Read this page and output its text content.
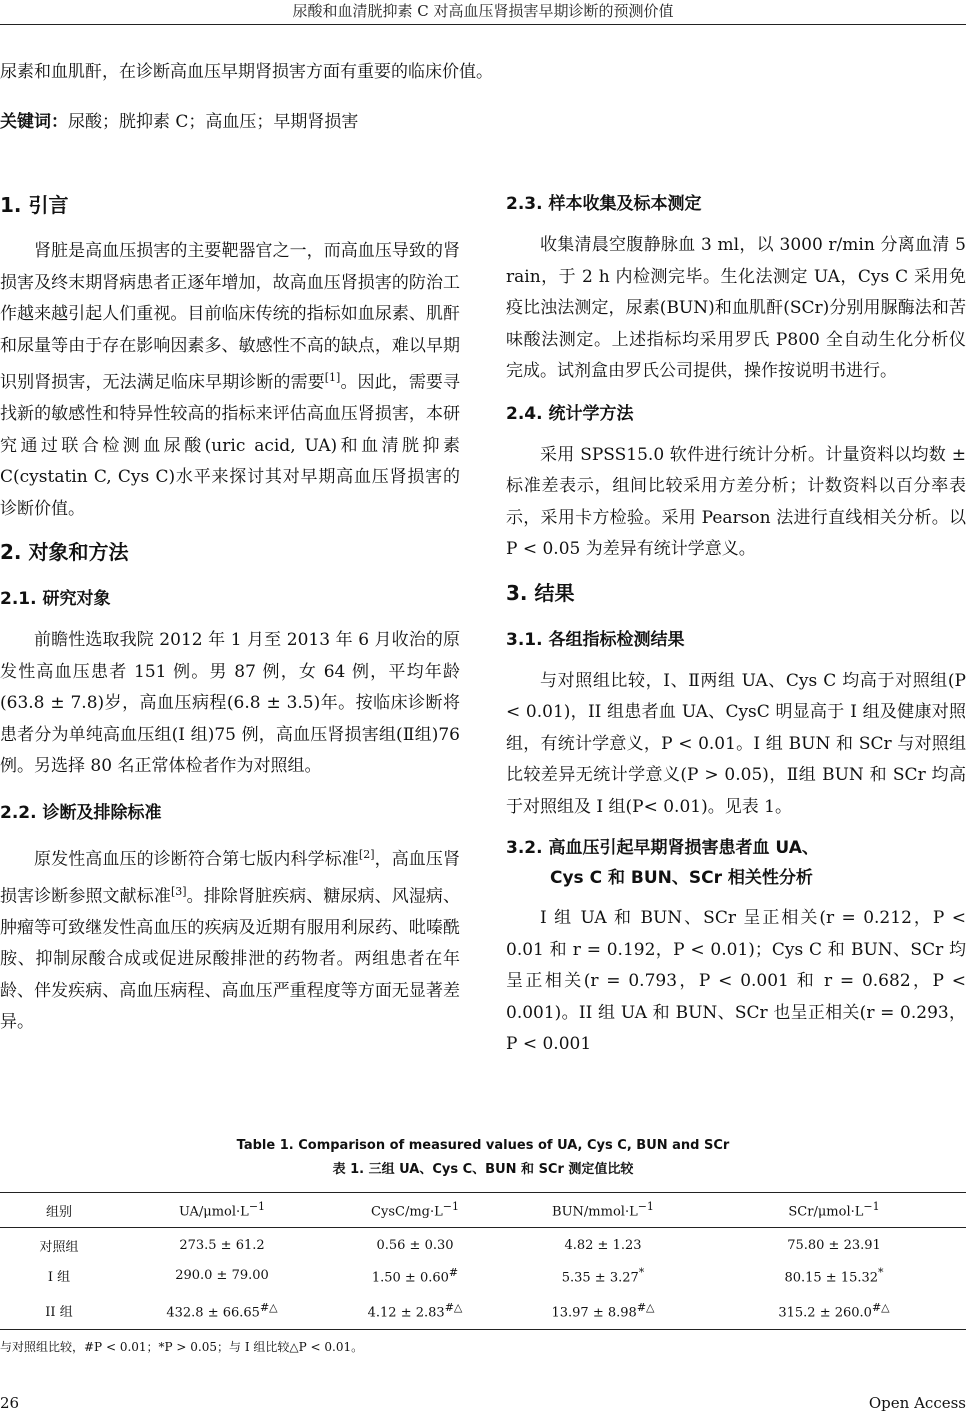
尿酸和血清胱抑素 C 对高血压肾损害早期诊断的预测价值
尿素和血肌酐，在诊断高血压早期肾损害方面有重要的临床价值。
关键词：尿酸；胱抑素 C；高血压；早期肾损害
1. 引言

肾脏是高血压损害的主要靶器官之一，而高血压导致的肾损害及终末期肾病患者正逐年增加，故高血压肾损害的防治工作越来越引起人们重视。目前临床传统的指标如血尿素、肌酐和尿量等由于存在影响因素多、敏感性不高的缺点，难以早期识别肾损害，无法满足临床早期诊断的需要[1]。因此，需要寻找新的敏感性和特异性较高的指标来评估高血压肾损害，本研究通过联合检测血尿酸(uric acid, UA)和血清胱抑素 C(cystatin C, Cys C)水平来探讨其对早期高血压肾损害的诊断价值。

2. 对象和方法
2.1. 研究对象

前瞻性选取我院 2012 年 1 月至 2013 年 6 月收治的原发性高血压患者 151 例。男 87 例，女 64 例，平均年龄(63.8 ± 7.8)岁，高血压病程(6.8 ± 3.5)年。按临床诊断将患者分为单纯高血压组(I 组)75 例，高血压肾损害组(Ⅱ组)76 例。另选择 80 名正常体检者作为对照组。

2.2. 诊断及排除标准

原发性高血压的诊断符合第七版内科学标准[2]，高血压肾损害诊断参照文献标准[3]。排除肾脏疾病、糖尿病、风湿病、肿瘤等可致继发性高血压的疾病及近期有服用利尿药、吡嗪酰胺、抑制尿酸合成或促进尿酸排泄的药物者。两组患者在年龄、伴发疾病、高血压病程、高血压严重程度等方面无显著差异。

2.3. 样本收集及标本测定

收集清晨空腹静脉血 3 ml，以 3000 r/min 分离血清 5 rain，于 2 h 内检测完毕。生化法测定 UA，Cys C 采用免疫比浊法测定，尿素(BUN)和血肌酐(SCr)分别用脲酶法和苦味酸法测定。上述指标均采用罗氏 P800 全自动生化分析仪完成。试剂盒由罗氏公司提供，操作按说明书进行。

2.4. 统计学方法

采用 SPSS15.0 软件进行统计分析。计量资料以均数 ± 标准差表示，组间比较采用方差分析；计数资料以百分率表示，采用卡方检验。采用 Pearson 法进行直线相关分析。以 P < 0.05 为差异有统计学意义。

3. 结果
3.1. 各组指标检测结果

与对照组比较，I、Ⅱ两组 UA、Cys C 均高于对照组(P < 0.01)，II 组患者血 UA、CysC 明显高于 I 组及健康对照组，有统计学意义，P < 0.01。I 组 BUN 和 SCr 与对照组比较差异无统计学意义(P > 0.05)，Ⅱ组 BUN 和 SCr 均高于对照组及 I 组(P< 0.01)。见表 1。

3.2. 高血压引起早期肾损害患者血 UA、
Cys C 和 BUN、SCr 相关性分析

I 组 UA 和 BUN、SCr 呈正相关(r = 0.212，P < 0.01 和 r = 0.192，P < 0.01)；Cys C 和 BUN、SCr 均呈正相关(r = 0.793，P < 0.001 和 r = 0.682，P < 0.001)。II 组 UA 和 BUN、SCr 也呈正相关(r = 0.293，P < 0.001

Table 1. Comparison of measured values of UA, Cys C, BUN and SCr
表 1. 三组 UA、Cys C、BUN 和 SCr 测定值比较
组别	$UA/\mu mol\cdot L^{-1}$	CysC/$mg\cdot L^{-1}$	BUN/$mmol\cdot L^{-1}$	SCr/$\mu mol\cdot L^{-1}$
对照组	273.5 ± 61.2	0.56 ± 0.30	4.82 ± 1.23	75.80 ± 23.91
I 组	290.0 ± 79.00	1.50 ± 0.60#	5.35 ± 3.27*	80.15 ± 15.32*
II 组	432.8 ± 66.65#△	4.12 ± 2.83#△	13.97 ± 8.98#△	315.2 ± 260.0#△
与对照组比较，#P < 0.01；*P > 0.05；与 I 组比较△P < 0.01。
26	Open Access
